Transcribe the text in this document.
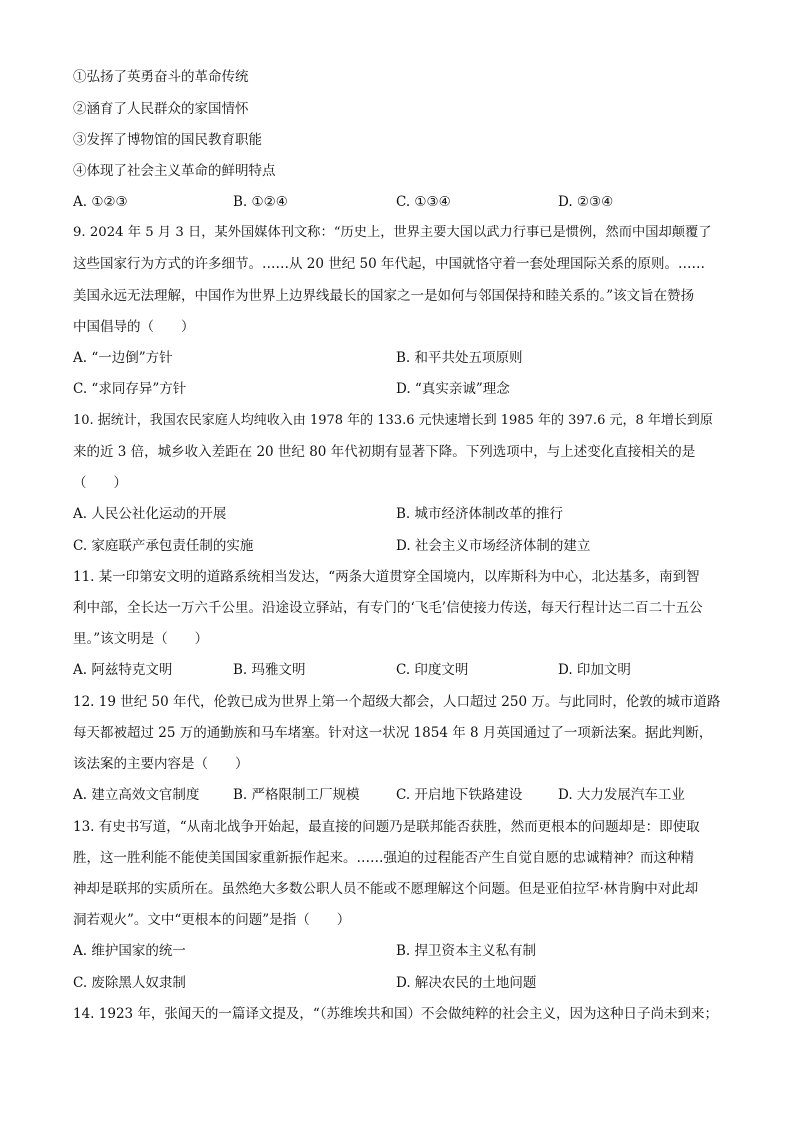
①弘扬了英勇奋斗的革命传统
②涵育了人民群众的家国情怀
③发挥了博物馆的国民教育职能
④体现了社会主义革命的鲜明特点
A. ①②③	B. ①②④	C. ①③④	D. ②③④
9. 2024 年 5 月 3 日，某外国媒体刊文称：“历史上，世界主要大国以武力行事已是惯例，然而中国却颠覆了
这些国家行为方式的许多细节。……从 20 世纪 50 年代起，中国就恪守着一套处理国际关系的原则。……
美国永远无法理解，中国作为世界上边界线最长的国家之一是如何与邻国保持和睦关系的。”该文旨在赞扬
中国倡导的（　　）
A. “一边倒”方针	B. 和平共处五项原则
C. “求同存异”方针	D. “真实亲诚”理念
10. 据统计，我国农民家庭人均纯收入由 1978 年的 133.6 元快速增长到 1985 年的 397.6 元，8 年增长到原
来的近 3 倍，城乡收入差距在 20 世纪 80 年代初期有显著下降。下列选项中，与上述变化直接相关的是
（　　）
A. 人民公社化运动的开展	B. 城市经济体制改革的推行
C. 家庭联产承包责任制的实施	D. 社会主义市场经济体制的建立
11. 某一印第安文明的道路系统相当发达，“两条大道贯穿全国境内，以库斯科为中心，北达基多，南到智
利中部，全长达一万六千公里。沿途设立驿站，有专门的‘飞毛’信使接力传送，每天行程计达二百二十五公
里。”该文明是（　　）
A. 阿兹特克文明	B. 玛雅文明	C. 印度文明	D. 印加文明
12. 19 世纪 50 年代，伦敦已成为世界上第一个超级大都会，人口超过 250 万。与此同时，伦敦的城市道路
每天都被超过 25 万的通勤族和马车堵塞。针对这一状况 1854 年 8 月英国通过了一项新法案。据此判断，
该法案的主要内容是（　　）
A. 建立高效文官制度 B. 严格限制工厂规模	C. 开启地下铁路建设	D. 大力发展汽车工业
13. 有史书写道，“从南北战争开始起，最直接的问题乃是联邦能否获胜，然而更根本的问题却是：即使取
胜，这一胜利能不能使美国国家重新振作起来。……强迫的过程能否产生自觉自愿的忠诚精神？而这种精
神却是联邦的实质所在。虽然绝大多数公职人员不能或不愿理解这个问题。但是亚伯拉罕·林肯胸中对此却
洞若观火”。文中“更根本的问题”是指（　　）
A. 维护国家的统一	B. 捍卫资本主义私有制
C. 废除黑人奴隶制	D. 解决农民的土地问题
14. 1923 年，张闻天的一篇译文提及，“（苏维埃共和国）不会做纯粹的社会主义，因为这种日子尚未到来；
